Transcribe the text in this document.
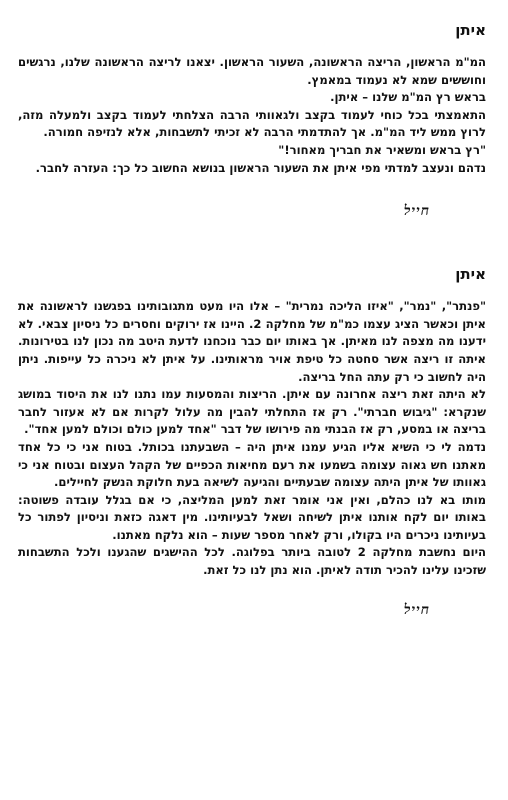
איתן

המ"מ הראשון, הריצה הראשונה, השעור הראשון. יצאנו לריצה הראשונה שלנו, נרגשים וחוששים שמא לא נעמוד במאמץ.

בראש רץ המ"מ שלנו – איתן.

התאמצתי בכל כוחי לעמוד בקצב ולגאוותי הרבה הצלחתי לעמוד בקצב ולמעלה מזה, לרוץ ממש ליד המ"מ. אך להתדמתי הרבה לא זכיתי לתשבחות, אלא לנזיפה חמורה.

"רץ בראש ומשאיר את חבריך מאחור!"

נדהם ונעצב למדתי מפי איתן את השעור הראשון בנושא החשוב כל כך: העזרה לחבר.

חייל

איתן

"פנתר", "נמר", "איזו הליכה נמרית" – אלו היו מעט מתגובותינו בפגשנו לראשונה את איתן וכאשר הציג עצמו כמ"מ של מחלקה 2. היינו אז ירוקים וחסרים כל ניסיון צבאי. לא ידענו מה מצפה לנו מאיתן. אך באותו יום כבר נוכחנו לדעת היטב מה נכון לנו בטירונות. איתה זו ריצה אשר סחטה כל טיפת אויר מראותינו. על איתן לא ניכרה כל עייפות. ניתן היה לחשוב כי רק עתה החל בריצה.

לא היתה זאת ריצה אחרונה עם איתן. הריצות והמסעות עמו נתנו לנו את היסוד במושג שנקרא: "גיבוש חברתי". רק אז התחלתי להבין מה עלול לקרות אם לא אעזור לחבר בריצה או במסע, רק אז הבנתי מה פירושו של דבר "אחד למען כולם וכולם למען אחד".

נדמה לי כי השיא אליו הגיע עמנו איתן היה – השבעתנו בכותל. בטוח אני כי כל אחד מאתנו חש גאוה עצומה בשמעו את רעם מחיאות הכפיים של הקהל העצום ובטוח אני כי גאוותו של איתן היתה עצומה שבעתיים והגיעה לשיאה בעת חלוקת הנשק לחיילים.

מותו בא לנו כהלם, ואין אני אומר זאת למען המליצה, כי אם בגלל עובדה פשוטה: באותו יום לקח אותנו איתן לשיחה ושאל לבעיותינו. מין דאגה כזאת וניסיון לפתור כל בעיותינו ניכרים היו בקולו, ורק לאחר מספר שעות – הוא נלקח מאתנו.

היום נחשבת מחלקה 2 לטובה ביותר בפלוגה. לכל ההישגים שהגענו ולכל התשבחות שזכינו עלינו להכיר תודה לאיתן. הוא נתן לנו כל זאת.

חייל
